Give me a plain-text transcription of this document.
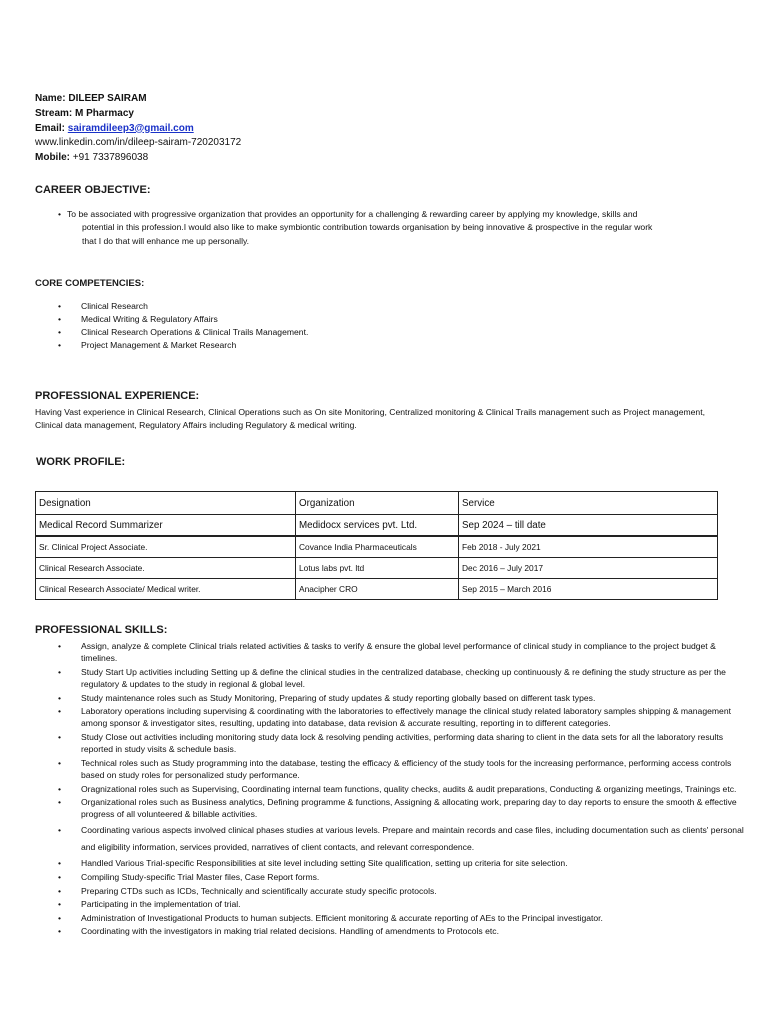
Name: DILEEP SAIRAM
Stream: M Pharmacy
Email: sairamdileep3@gmail.com
www.linkedin.com/in/dileep-sairam-720203172
Mobile: +91 7337896038
CAREER OBJECTIVE:
• To be associated with progressive organization that provides an opportunity for a challenging & rewarding career by applying my knowledge, skills and
potential in this profession.I would also like to make symbiontic contribution towards organisation by being innovative & prospective in the regular work
that I do that will enhance me up personally.
CORE COMPETENCIES:
• Clinical Research
• Medical Writing & Regulatory Affairs
• Clinical Research Operations & Clinical Trails Management.
• Project Management & Market Research
PROFESSIONAL EXPERIENCE:
Having Vast experience in Clinical Research, Clinical Operations such as On site Monitoring, Centralized monitoring & Clinical Trails management such as Project management, Clinical data management, Regulatory Affairs including Regulatory & medical writing.
WORK PROFILE:
Designation	Organization	Service
Medical Record Summarizer	Medidocx services pvt. Ltd.	Sep 2024 – till date
Sr. Clinical Project Associate.	Covance India Pharmaceuticals	Feb 2018 - July 2021
Clinical Research Associate.	Lotus labs pvt. ltd	Dec 2016 – July 2017
Clinical Research Associate/ Medical writer.	Anacipher CRO	Sep 2015 – March 2016
PROFESSIONAL SKILLS:
• Assign, analyze & complete Clinical trials related activities & tasks to verify & ensure the global level performance of clinical study in compliance to the project budget & timelines.
• Study Start Up activities including Setting up & define the clinical studies in the centralized database, checking up continuously & re defining the study structure as per the regulatory & updates to the study in regional & global level.
• Study maintenance roles such as Study Monitoring, Preparing of study updates & study reporting globally based on different task types.
• Laboratory operations including supervising & coordinating with the laboratories to effectively manage the clinical study related laboratory samples shipping & management among sponsor & investigator sites, resulting, updating into database, data revision & accurate resulting, reporting in to different categories.
• Study Close out activities including monitoring study data lock & resolving pending activities, performing data sharing to client in the data sets for all the laboratory results reported in study visits & schedule basis.
• Technical roles such as Study programming into the database, testing the efficacy & efficiency of the study tools for the increasing performance, performing access controls based on study roles for personalized study performance.
• Oragnizational roles such as Supervising, Coordinating internal team functions, quality checks, audits & audit preparations, Conducting & organizing meetings, Trainings etc.
• Organizational roles such as Business analytics, Defining programme & functions, Assigning & allocating work, preparing day to day reports to ensure the smooth & effective progress of all volunteered & billable activities.
• Coordinating various aspects involved clinical phases studies at various levels. Prepare and maintain records and case files, including documentation such as clients' personal and eligibility information, services provided, narratives of client contacts, and relevant correspondence.
• Handled Various Trial-specific Responsibilities at site level including setting Site qualification, setting up criteria for site selection.
• Compiling Study-specific Trial Master files, Case Report forms.
• Preparing CTDs such as ICDs, Technically and scientifically accurate study specific protocols.
• Participating in the implementation of trial.
• Administration of Investigational Products to human subjects. Efficient monitoring & accurate reporting of AEs to the Principal investigator.
• Coordinating with the investigators in making trial related decisions. Handling of amendments to Protocols etc.
